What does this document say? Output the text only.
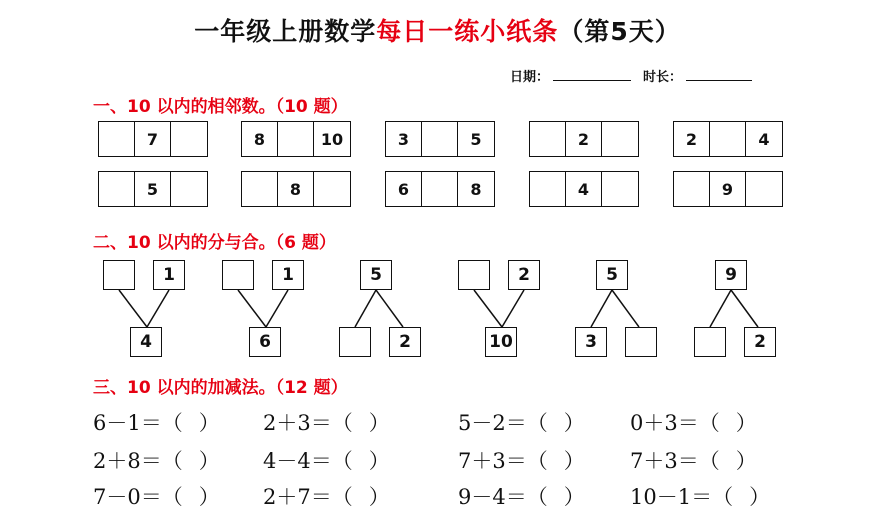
一年级上册数学每日一练小纸条（第5天）
日期：	时长：
一、10 以内的相邻数。（10 题）
二、10 以内的分与合。（6 题）
三、10 以内的加减法。（12 题）
7	8	10	3	5	2	2	4
5	8	6	8	4	9
1
4
1
6
5
2
2
10
5
3
9
2
6－1＝（ ） 2＋3＝（ ）	5－2＝（ ） 0＋3＝（ ）
2＋8＝（ ） 4－4＝（ ）	7＋3＝（ ） 7＋3＝（ ）
7－0＝（ ） 2＋7＝（ ）	9－4＝（ ） 10－1＝（ ）
